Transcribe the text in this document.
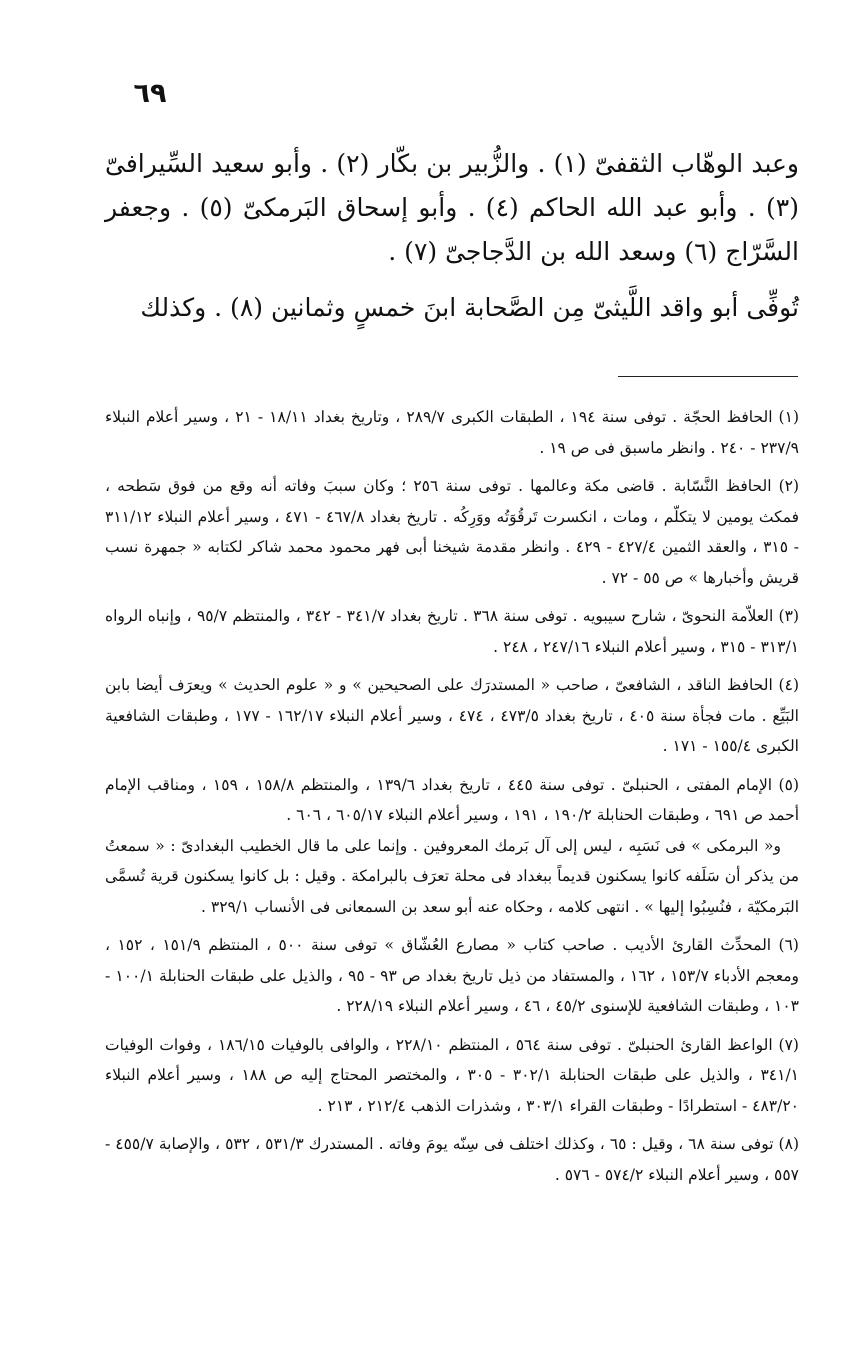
٦٩

وعبد الوهّاب الثقفىّ (١) . والزُّبير بن بكّار (٢) . وأبو سعيد السِّيرافىّ (٣) . وأبو عبد الله الحاكم (٤) . وأبو إسحاق البَرمكىّ (٥) . وجعفر السَّرّاج (٦) وسعد الله بن الدَّجاجىّ (٧) .

تُوفِّى أبو واقد اللَّيثىّ مِن الصَّحابة ابنَ خمسٍ وثمانين (٨) . وكذلك

(١) الحافظ الحجّة . توفى سنة ١٩٤ ، الطبقات الكبرى ٢٨٩/٧ ، وتاريخ بغداد ١٨/١١ - ٢١ ، وسير أعلام النبلاء ٢٣٧/٩ - ٢٤٠ . وانظر ماسبق فى ص ١٩ .

(٢) الحافظ النَّسّابة . قاضى مكة وعالمها . توفى سنة ٢٥٦ ؛ وكان سببَ وفاته أنه وقع من فوق سَطحه ، فمكث يومين لا يتكلّم ، ومات ، انكسرت تَرقُوَتُه ووَرِكُه . تاريخ بغداد ٤٦٧/٨ - ٤٧١ ، وسير أعلام النبلاء ٣١١/١٢ - ٣١٥ ، والعقد الثمين ٤٢٧/٤ - ٤٢٩ . وانظر مقدمة شيخنا أبى فهر محمود محمد شاكر لكتابه « جمهرة نسب قريش وأخبارها » ص ٥٥ - ٧٢ .

(٣) العلاّمة النحوىّ ، شارح سيبويه . توفى سنة ٣٦٨ . تاريخ بغداد ٣٤١/٧ - ٣٤٢ ، والمنتظم ٩٥/٧ ، وإنباه الرواه ٣١٣/١ - ٣١٥ ، وسير أعلام النبلاء ٢٤٧/١٦ ، ٢٤٨ .

(٤) الحافظ الناقد ، الشافعىّ ، صاحب « المستدرَك على الصحيحين » و « علوم الحديث » ويعرَف أيضا بابن البَيِّع . مات فجأة سنة ٤٠٥ ، تاريخ بغداد ٤٧٣/٥ ، ٤٧٤ ، وسير أعلام النبلاء ١٦٢/١٧ - ١٧٧ ، وطبقات الشافعية الكبرى ١٥٥/٤ - ١٧١ .

(٥) الإمام المفتى ، الحنبلىّ . توفى سنة ٤٤٥ ، تاريخ بغداد ١٣٩/٦ ، والمنتظم ١٥٨/٨ ، ١٥٩ ، ومناقب الإمام أحمد ص ٦٩١ ، وطبقات الحنابلة ١٩٠/٢ ، ١٩١ ، وسير أعلام النبلاء ٦٠٥/١٧ ، ٦٠٦ .

و« البرمكى » فى نَسَبِه ، ليس إلى آل بَرمك المعروفين . وإنما على ما قال الخطيب البغدادىّ : « سمعتُ من يذكر أن سَلَفه كانوا يسكنون قديماً ببغداد فى محلة تعرَف بالبرامكة . وقيل : بل كانوا يسكنون قرية تُسمَّى البَرمكيّة ، فنُسِبُوا إليها » . انتهى كلامه ، وحكاه عنه أبو سعد بن السمعانى فى الأنساب ٣٢٩/١ .

(٦) المحدِّث القارئ الأديب . صاحب كتاب « مصارع العُشّاق » توفى سنة ٥٠٠ ، المنتظم ١٥١/٩ ، ١٥٢ ، ومعجم الأدباء ١٥٣/٧ ، ١٦٢ ، والمستفاد من ذيل تاريخ بغداد ص ٩٣ - ٩٥ ، والذيل على طبقات الحنابلة ١٠٠/١ - ١٠٣ ، وطبقات الشافعية للإسنوى ٤٥/٢ ، ٤٦ ، وسير أعلام النبلاء ٢٢٨/١٩ .

(٧) الواعظ القارئ الحنبلىّ . توفى سنة ٥٦٤ ، المنتظم ٢٢٨/١٠ ، والوافى بالوفيات ١٨٦/١٥ ، وفوات الوفيات ٣٤١/١ ، والذيل على طبقات الحنابلة ٣٠٢/١ - ٣٠٥ ، والمختصر المحتاج إليه ص ١٨٨ ، وسير أعلام النبلاء ٤٨٣/٢٠ - استطرادًا - وطبقات القراء ٣٠٣/١ ، وشذرات الذهب ٢١٢/٤ ، ٢١٣ .

(٨) توفى سنة ٦٨ ، وقيل : ٦٥ ، وكذلك اختلف فى سِنّه يومَ وفاته . المستدرك ٥٣١/٣ ، ٥٣٢ ، والإصابة ٤٥٥/٧ - ٥٥٧ ، وسير أعلام النبلاء ٥٧٤/٢ - ٥٧٦ .
